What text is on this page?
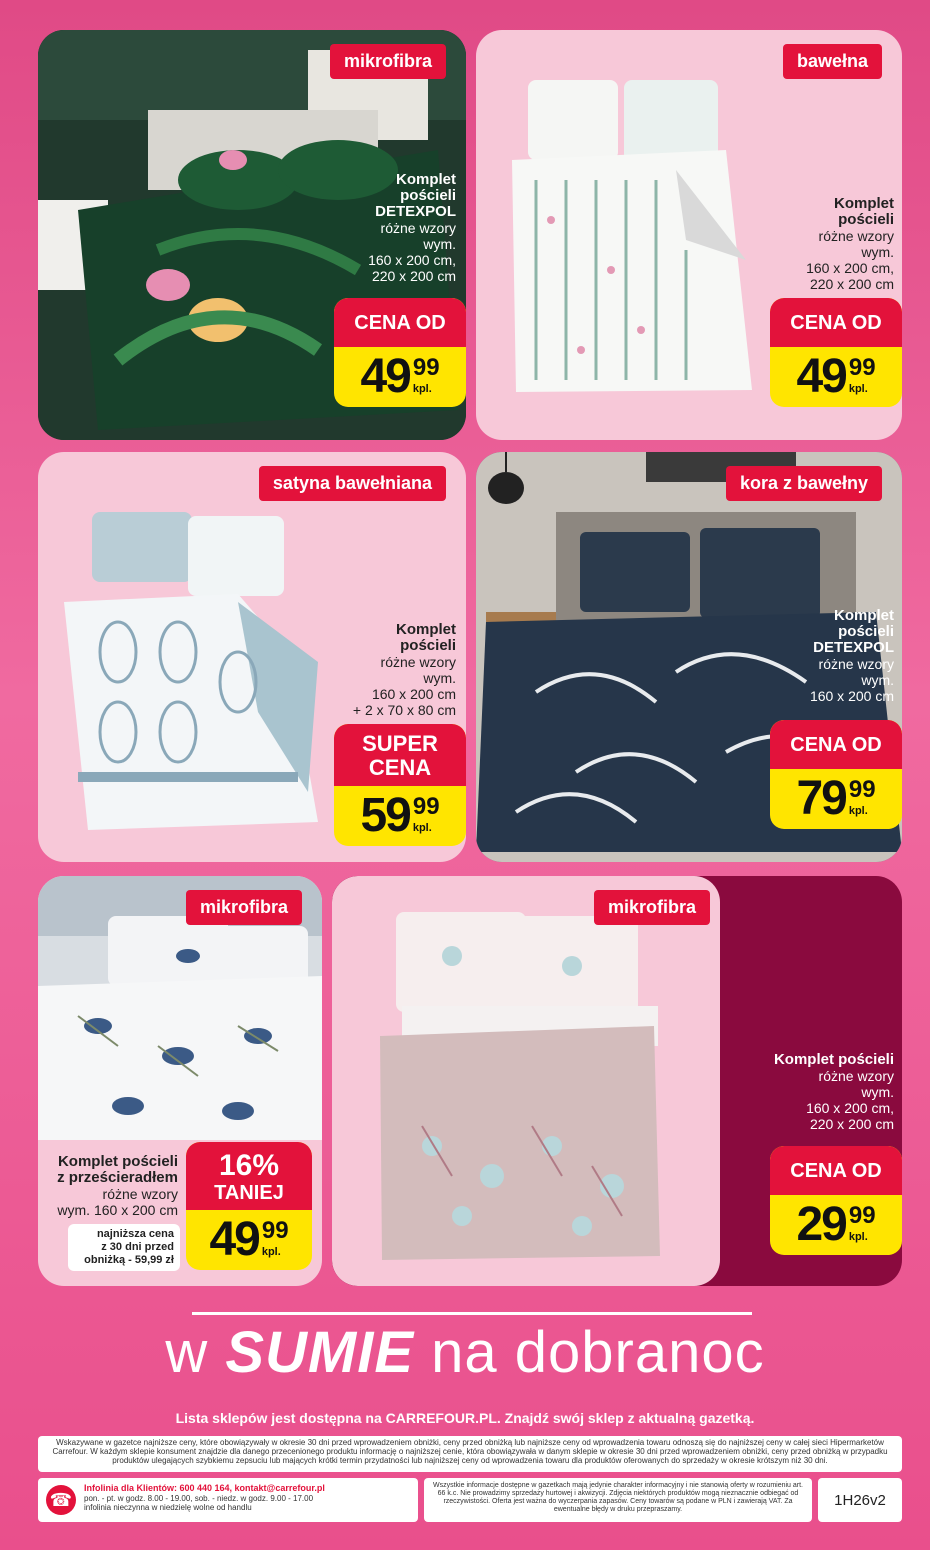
mikrofibra
Komplet
pościeli
DETEXPOL
różne wzory
wym.
160 x 200 cm,
220 x 200 cm
CENA OD
49 99
kpl.
bawełna
Komplet
pościeli
różne wzory
wym.
160 x 200 cm,
220 x 200 cm
CENA OD
49 99
kpl.
satyna bawełniana
Komplet
pościeli
różne wzory
wym.
160 x 200 cm
+ 2 x 70 x 80 cm
SUPER
CENA
59 99
kpl.
kora z bawełny
Komplet
pościeli
DETEXPOL
różne wzory
wym.
160 x 200 cm
CENA OD
79 99
kpl.
mikrofibra
Komplet pościeli
z prześcieradłem
różne wzory
wym. 160 x 200 cm
najniższa cena
z 30 dni przed
obniżką - 59,99 zł
16%
TANIEJ
49 99
kpl.
mikrofibra
Komplet pościeli
różne wzory
wym.
160 x 200 cm,
220 x 200 cm
CENA OD
29 99
kpl.
w SUMIE na dobranoc
Lista sklepów jest dostępna na CARREFOUR.PL. Znajdź swój sklep z aktualną gazetką.
Wskazywane w gazetce najniższe ceny, które obowiązywały w okresie 30 dni przed wprowadzeniem obniżki, ceny przed obniżką lub najniższe ceny od wprowadzenia towaru odnoszą się do najniższej ceny w całej sieci Hipermarketów Carrefour. W każdym sklepie konsument znajdzie dla danego przecenionego produktu informację o najniższej cenie, która obowiązywała w danym sklepie w okresie 30 dni przed wprowadzeniem obniżki, ceny przed obniżką w przypadku produktów ulegających szybkiemu zepsuciu lub mających krótki termin przydatności lub najniższej ceny od wprowadzenia towaru dla produktów oferowanych do sprzedaży w okresie krótszym niż 30 dni.
☎
Infolinia dla Klientów: 600 440 164, kontakt@carrefour.pl
pon. - pt. w godz. 8.00 - 19.00, sob. - niedz. w godz. 9.00 - 17.00
infolinia nieczynna w niedzielę wolne od handlu
Wszystkie informacje dostępne w gazetkach mają jedynie charakter informacyjny i nie stanowią oferty w rozumieniu art. 66 k.c. Nie prowadzimy sprzedaży hurtowej i akwizycji. Zdjęcia niektórych produktów mogą nieznacznie odbiegać od rzeczywistości. Oferta jest ważna do wyczerpania zapasów. Ceny towarów są podane w PLN i zawierają VAT. Za ewentualne błędy w druku przepraszamy.
1H26v2
